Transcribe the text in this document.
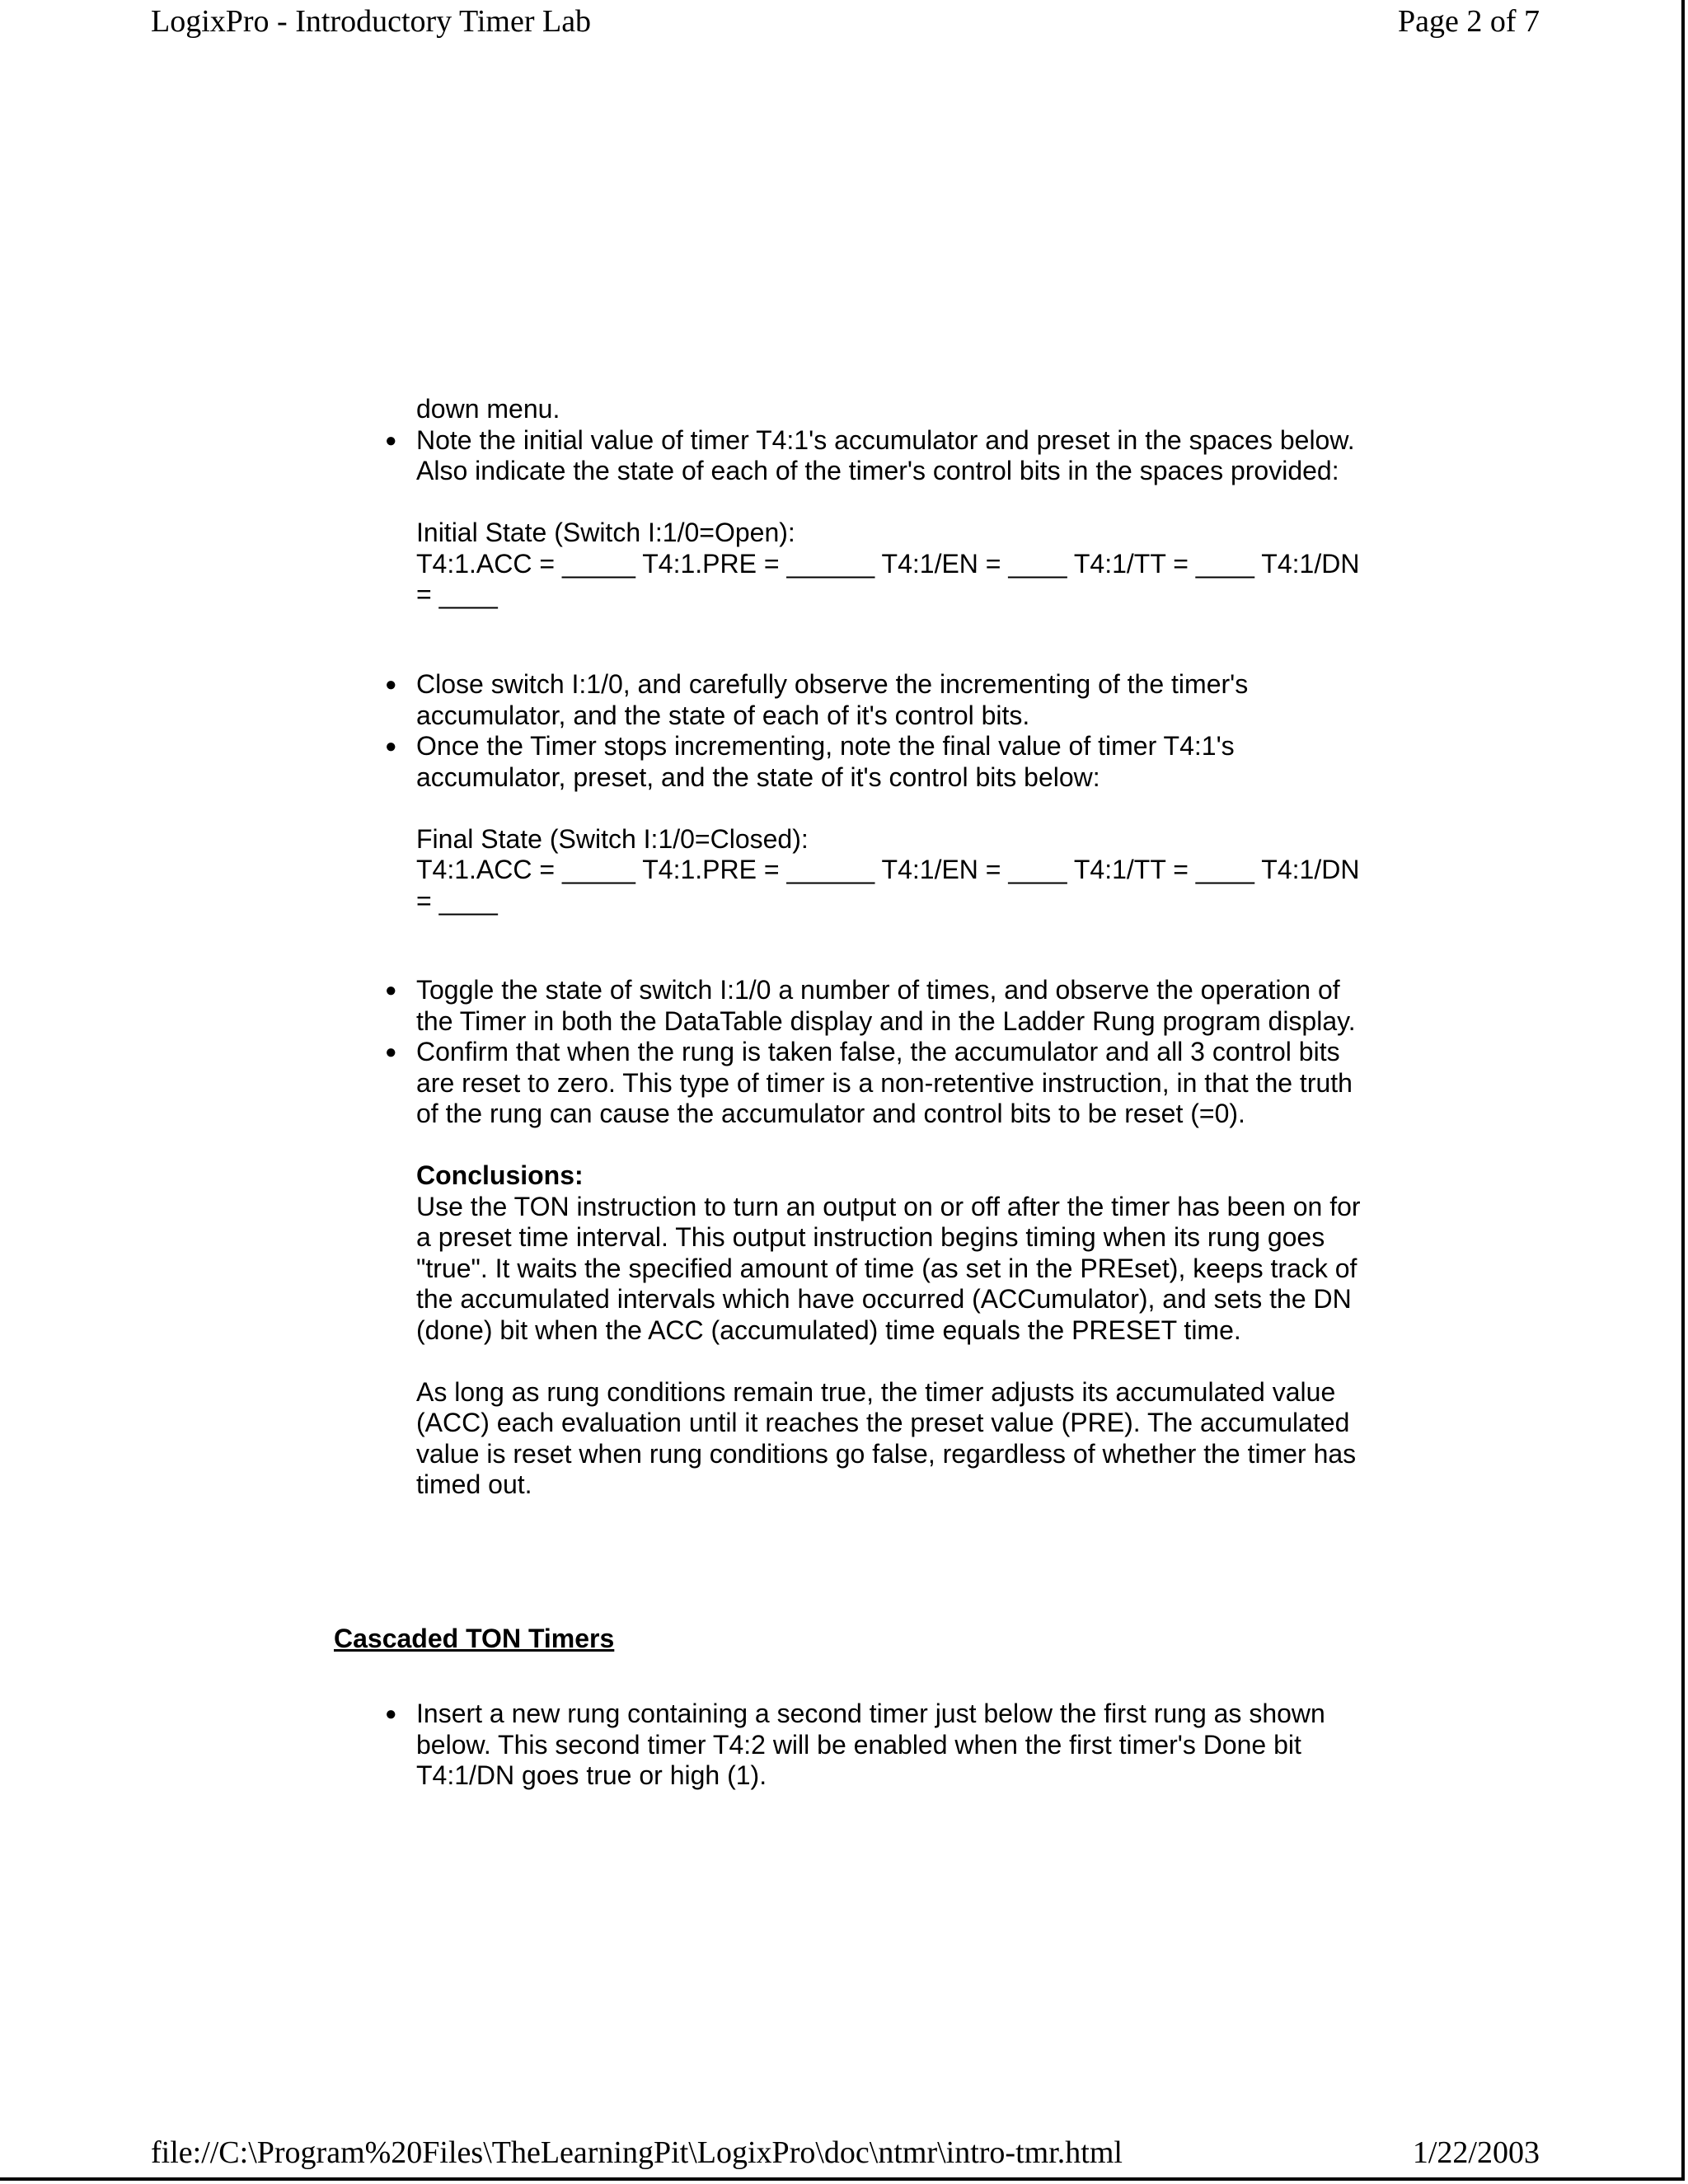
LogixPro - Introductory Timer Lab	Page 2 of 7
down menu.
● Note the initial value of timer T4:1's accumulator and preset in the spaces below.
Also indicate the state of each of the timer's control bits in the spaces provided:
Initial State (Switch I:1/0=Open):
T4:1.ACC = _____ T4:1.PRE = ______ T4:1/EN = ____ T4:1/TT = ____ T4:1/DN
= ____
● Close switch I:1/0, and carefully observe the incrementing of the timer's
accumulator, and the state of each of it's control bits.
● Once the Timer stops incrementing, note the final value of timer T4:1's
accumulator, preset, and the state of it's control bits below:
Final State (Switch I:1/0=Closed):
T4:1.ACC = _____ T4:1.PRE = ______ T4:1/EN = ____ T4:1/TT = ____ T4:1/DN
= ____
● Toggle the state of switch I:1/0 a number of times, and observe the operation of
the Timer in both the DataTable display and in the Ladder Rung program display.
● Confirm that when the rung is taken false, the accumulator and all 3 control bits
are reset to zero. This type of timer is a non-retentive instruction, in that the truth
of the rung can cause the accumulator and control bits to be reset (=0).
Conclusions:
Use the TON instruction to turn an output on or off after the timer has been on for
a preset time interval. This output instruction begins timing when its rung goes
"true". It waits the specified amount of time (as set in the PREset), keeps track of
the accumulated intervals which have occurred (ACCumulator), and sets the DN
(done) bit when the ACC (accumulated) time equals the PRESET time.
As long as rung conditions remain true, the timer adjusts its accumulated value
(ACC) each evaluation until it reaches the preset value (PRE). The accumulated
value is reset when rung conditions go false, regardless of whether the timer has
timed out.
Cascaded TON Timers
● Insert a new rung containing a second timer just below the first rung as shown
below. This second timer T4:2 will be enabled when the first timer's Done bit
T4:1/DN goes true or high (1).
file://C:\Program%20Files\TheLearningPit\LogixPro\doc\ntmr\intro-tmr.html	1/22/2003
